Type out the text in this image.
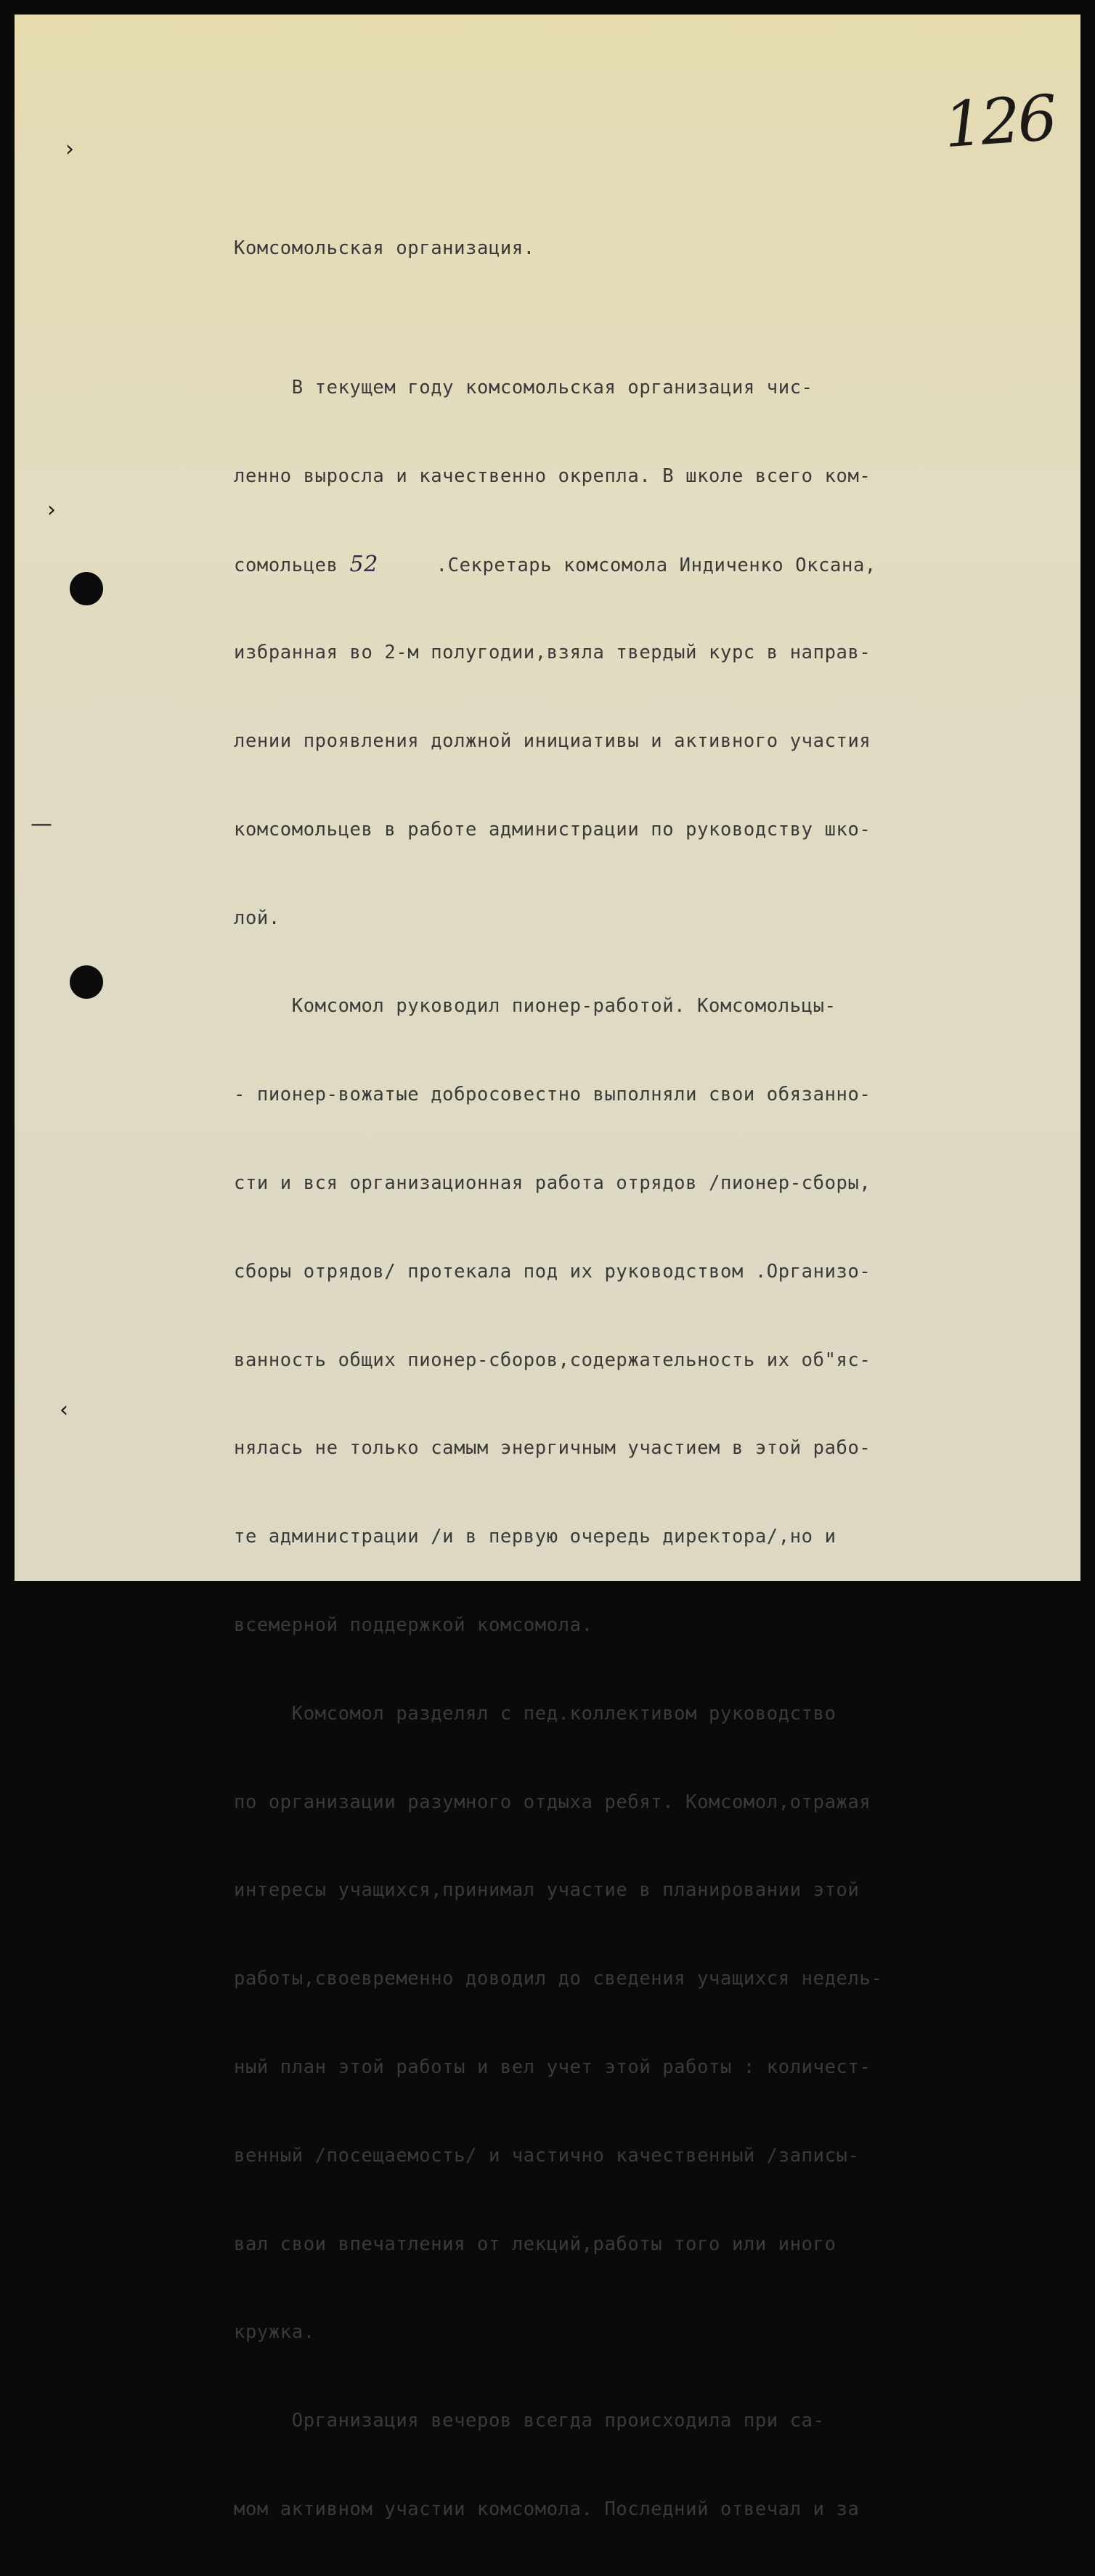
126
›
›
—
‹

Комсомольская организация.

В текущем году комсомольская организация чис-

ленно выросла и качественно окрепла. В школе всего ком-

сомольцев 52     .Секретарь комсомола Индиченко Оксана,

избранная во 2-м полугодии,взяла твердый курс в направ-

лении проявления должной инициативы и активного участия

комсомольцев в работе администрации по руководству шко-

лой.

Комсомол руководил пионер-работой. Комсомольцы-

- пионер-вожатые добросовестно выполняли свои обязанно-

сти и вся организационная работа отрядов /пионер-сборы,

сборы отрядов/ протекала под их руководством .Организо-

ванность общих пионер-сборов,содержательность их об"яс-

нялась не только самым энергичным участием в этой рабо-

те администрации /и в первую очередь директора/,но и

всемерной поддержкой комсомола.

Комсомол разделял с пед.коллективом руководство

по организации разумного отдыха ребят. Комсомол,отражая

интересы учащихся,принимал участие в планировании этой

работы,своевременно доводил до сведения учащихся недель-

ный план этой работы и вел учет этой работы : количест-

венный /посещаемость/ и частично качественный /записы-

вал свои впечатления от лекций,работы того или иного

кружка.

Организация вечеров всегда происходила при са-

мом активном участии комсомола. Последний отвечал и за
